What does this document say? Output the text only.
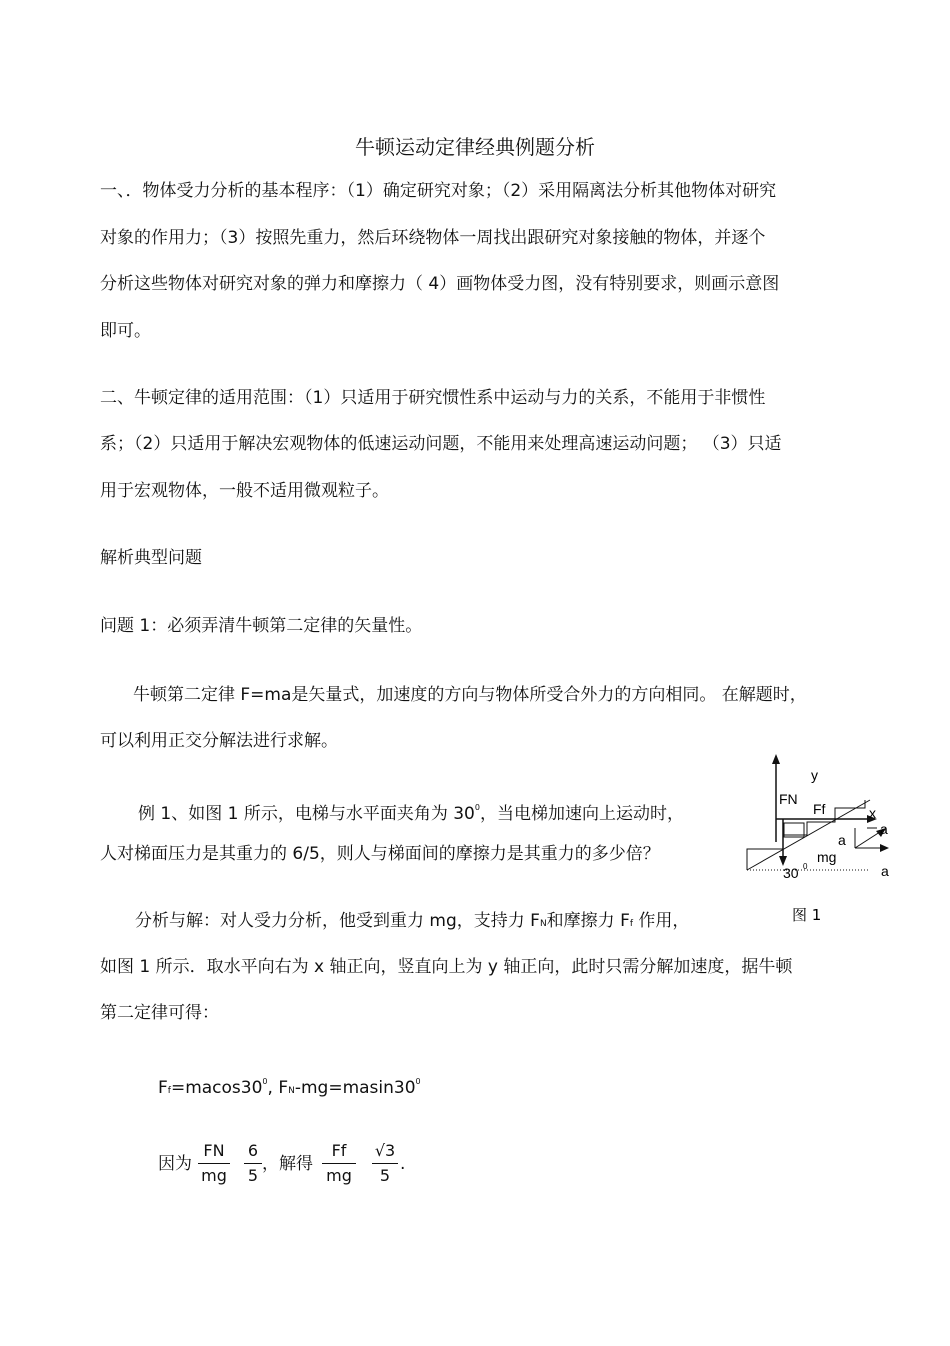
牛顿运动定律经典例题分析
一、．物体受力分析的基本程序：（1）确定研究对象；（2）采用隔离法分析其他物体对研究
对象的作用力；（3）按照先重力，然后环绕物体一周找出跟研究对象接触的物体，并逐个
分析这些物体对研究对象的弹力和摩擦力（ 4）画物体受力图，没有特别要求，则画示意图
即可。
二、牛顿定律的适用范围：（1）只适用于研究惯性系中运动与力的关系，不能用于非惯性
系；（2）只适用于解决宏观物体的低速运动问题，不能用来处理高速运动问题； （3）只适
用于宏观物体，一般不适用微观粒子。
解析典型问题
问题 1：必须弄清牛顿第二定律的矢量性。
牛顿第二定律 F=ma是矢量式，加速度的方向与物体所受合外力的方向相同。 在解题时，
可以利用正交分解法进行求解。
例 1、如图 1 所示，电梯与水平面夹角为 $30^0$，当电梯加速向上运动时，
人对梯面压力是其重力的 6/5，则人与梯面间的摩擦力是其重力的多少倍？
分析与解：对人受力分析，他受到重力 mg，支持力 FN和摩擦力 Ff 作用，
如图 1 所示．取水平向右为 x 轴正向，竖直向上为 y 轴正向，此时只需分解加速度，据牛顿
第二定律可得：
$Ff=macos30^0$, $FN-mg=masin30^0$
因为
FN
mg
6
5
，解得
Ff
mg
√3
5
.
y
FN
Ff	x
a
a
a
mg
30 0
图 1
